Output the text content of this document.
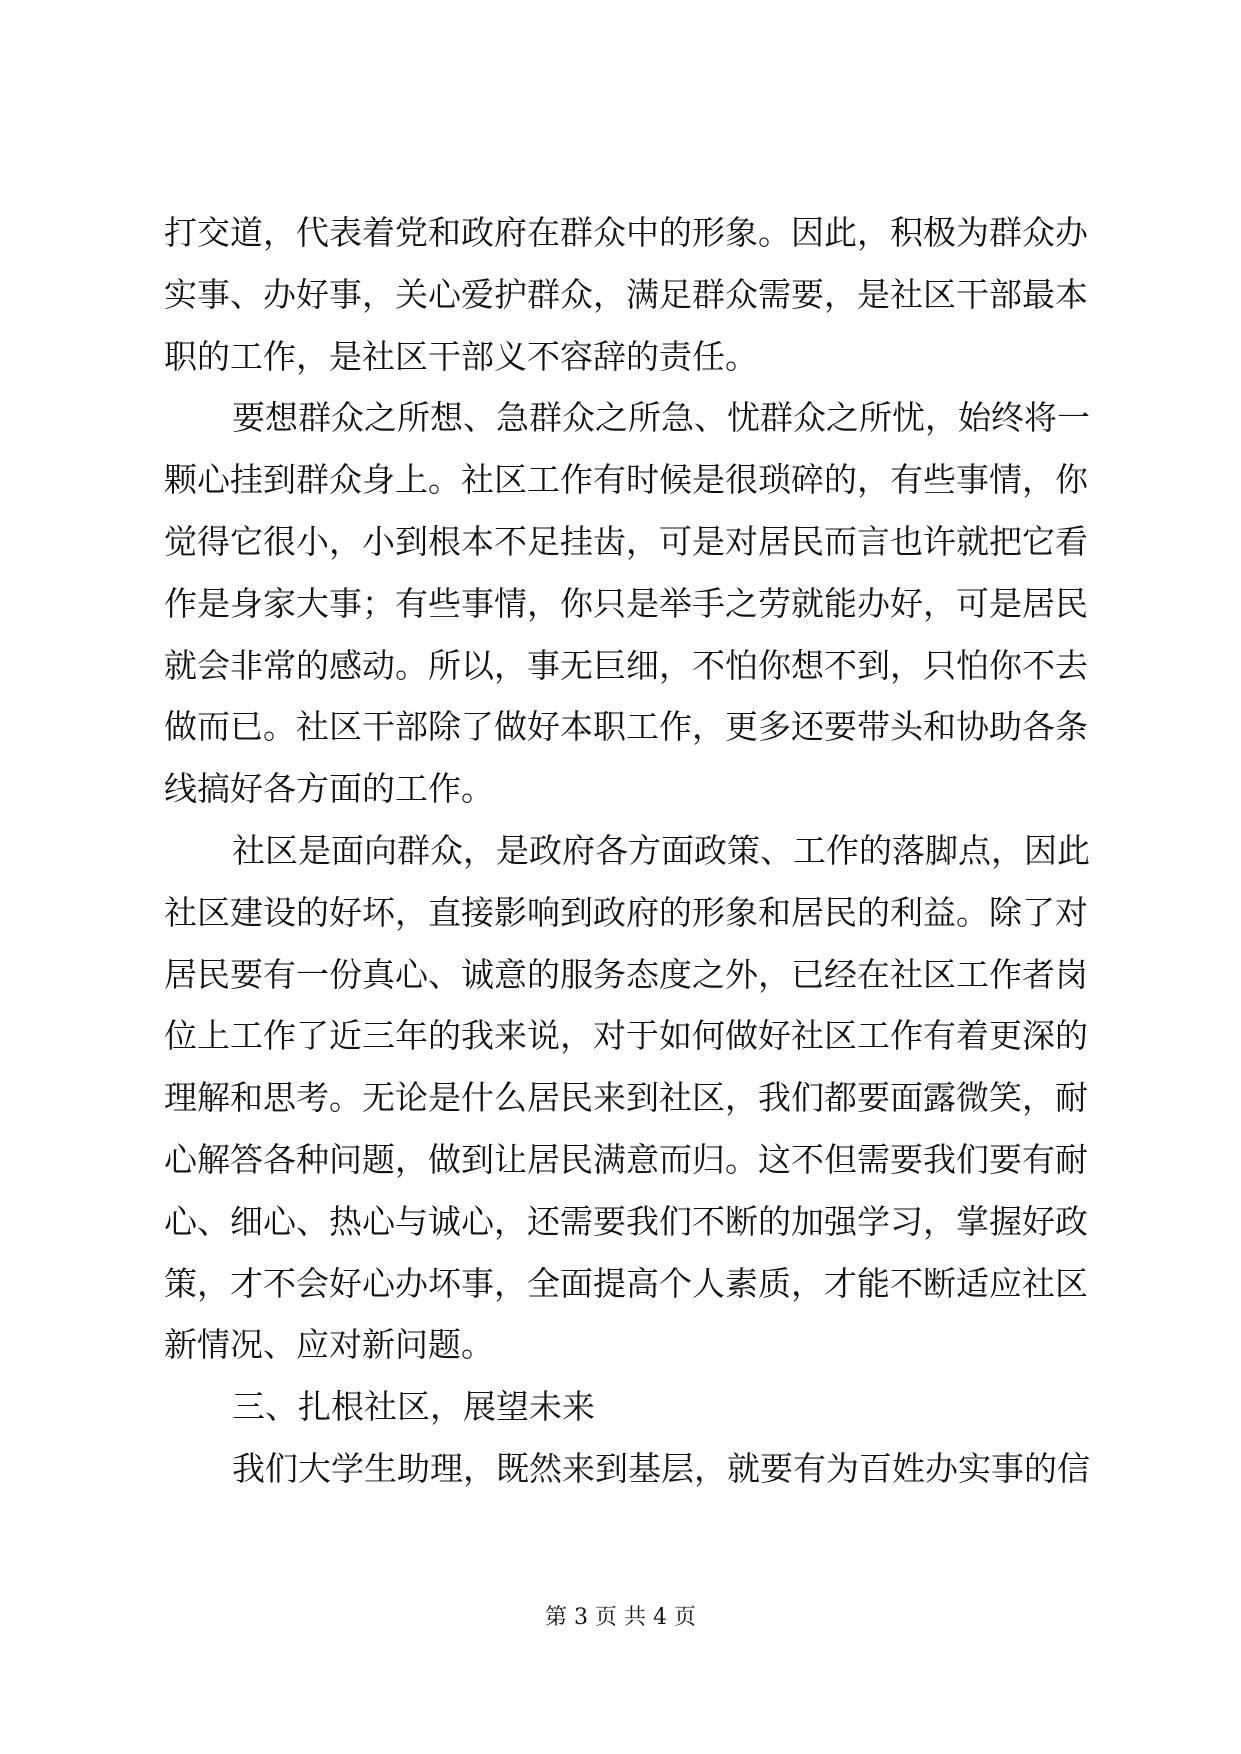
打交道，代表着党和政府在群众中的形象。因此，积极为群众办
实事、办好事，关心爱护群众，满足群众需要，是社区干部最本
职的工作，是社区干部义不容辞的责任。
要想群众之所想、急群众之所急、忧群众之所忧，始终将一
颗心挂到群众身上。社区工作有时候是很琐碎的，有些事情，你
觉得它很小，小到根本不足挂齿，可是对居民而言也许就把它看
作是身家大事；有些事情，你只是举手之劳就能办好，可是居民
就会非常的感动。所以，事无巨细，不怕你想不到，只怕你不去
做而已。社区干部除了做好本职工作，更多还要带头和协助各条
线搞好各方面的工作。
社区是面向群众，是政府各方面政策、工作的落脚点，因此
社区建设的好坏，直接影响到政府的形象和居民的利益。除了对
居民要有一份真心、诚意的服务态度之外，已经在社区工作者岗
位上工作了近三年的我来说，对于如何做好社区工作有着更深的
理解和思考。无论是什么居民来到社区，我们都要面露微笑，耐
心解答各种问题，做到让居民满意而归。这不但需要我们要有耐
心、细心、热心与诚心，还需要我们不断的加强学习，掌握好政
策，才不会好心办坏事，全面提高个人素质，才能不断适应社区
新情况、应对新问题。
三、扎根社区，展望未来
我们大学生助理，既然来到基层，就要有为百姓办实事的信
第 3 页 共 4 页
